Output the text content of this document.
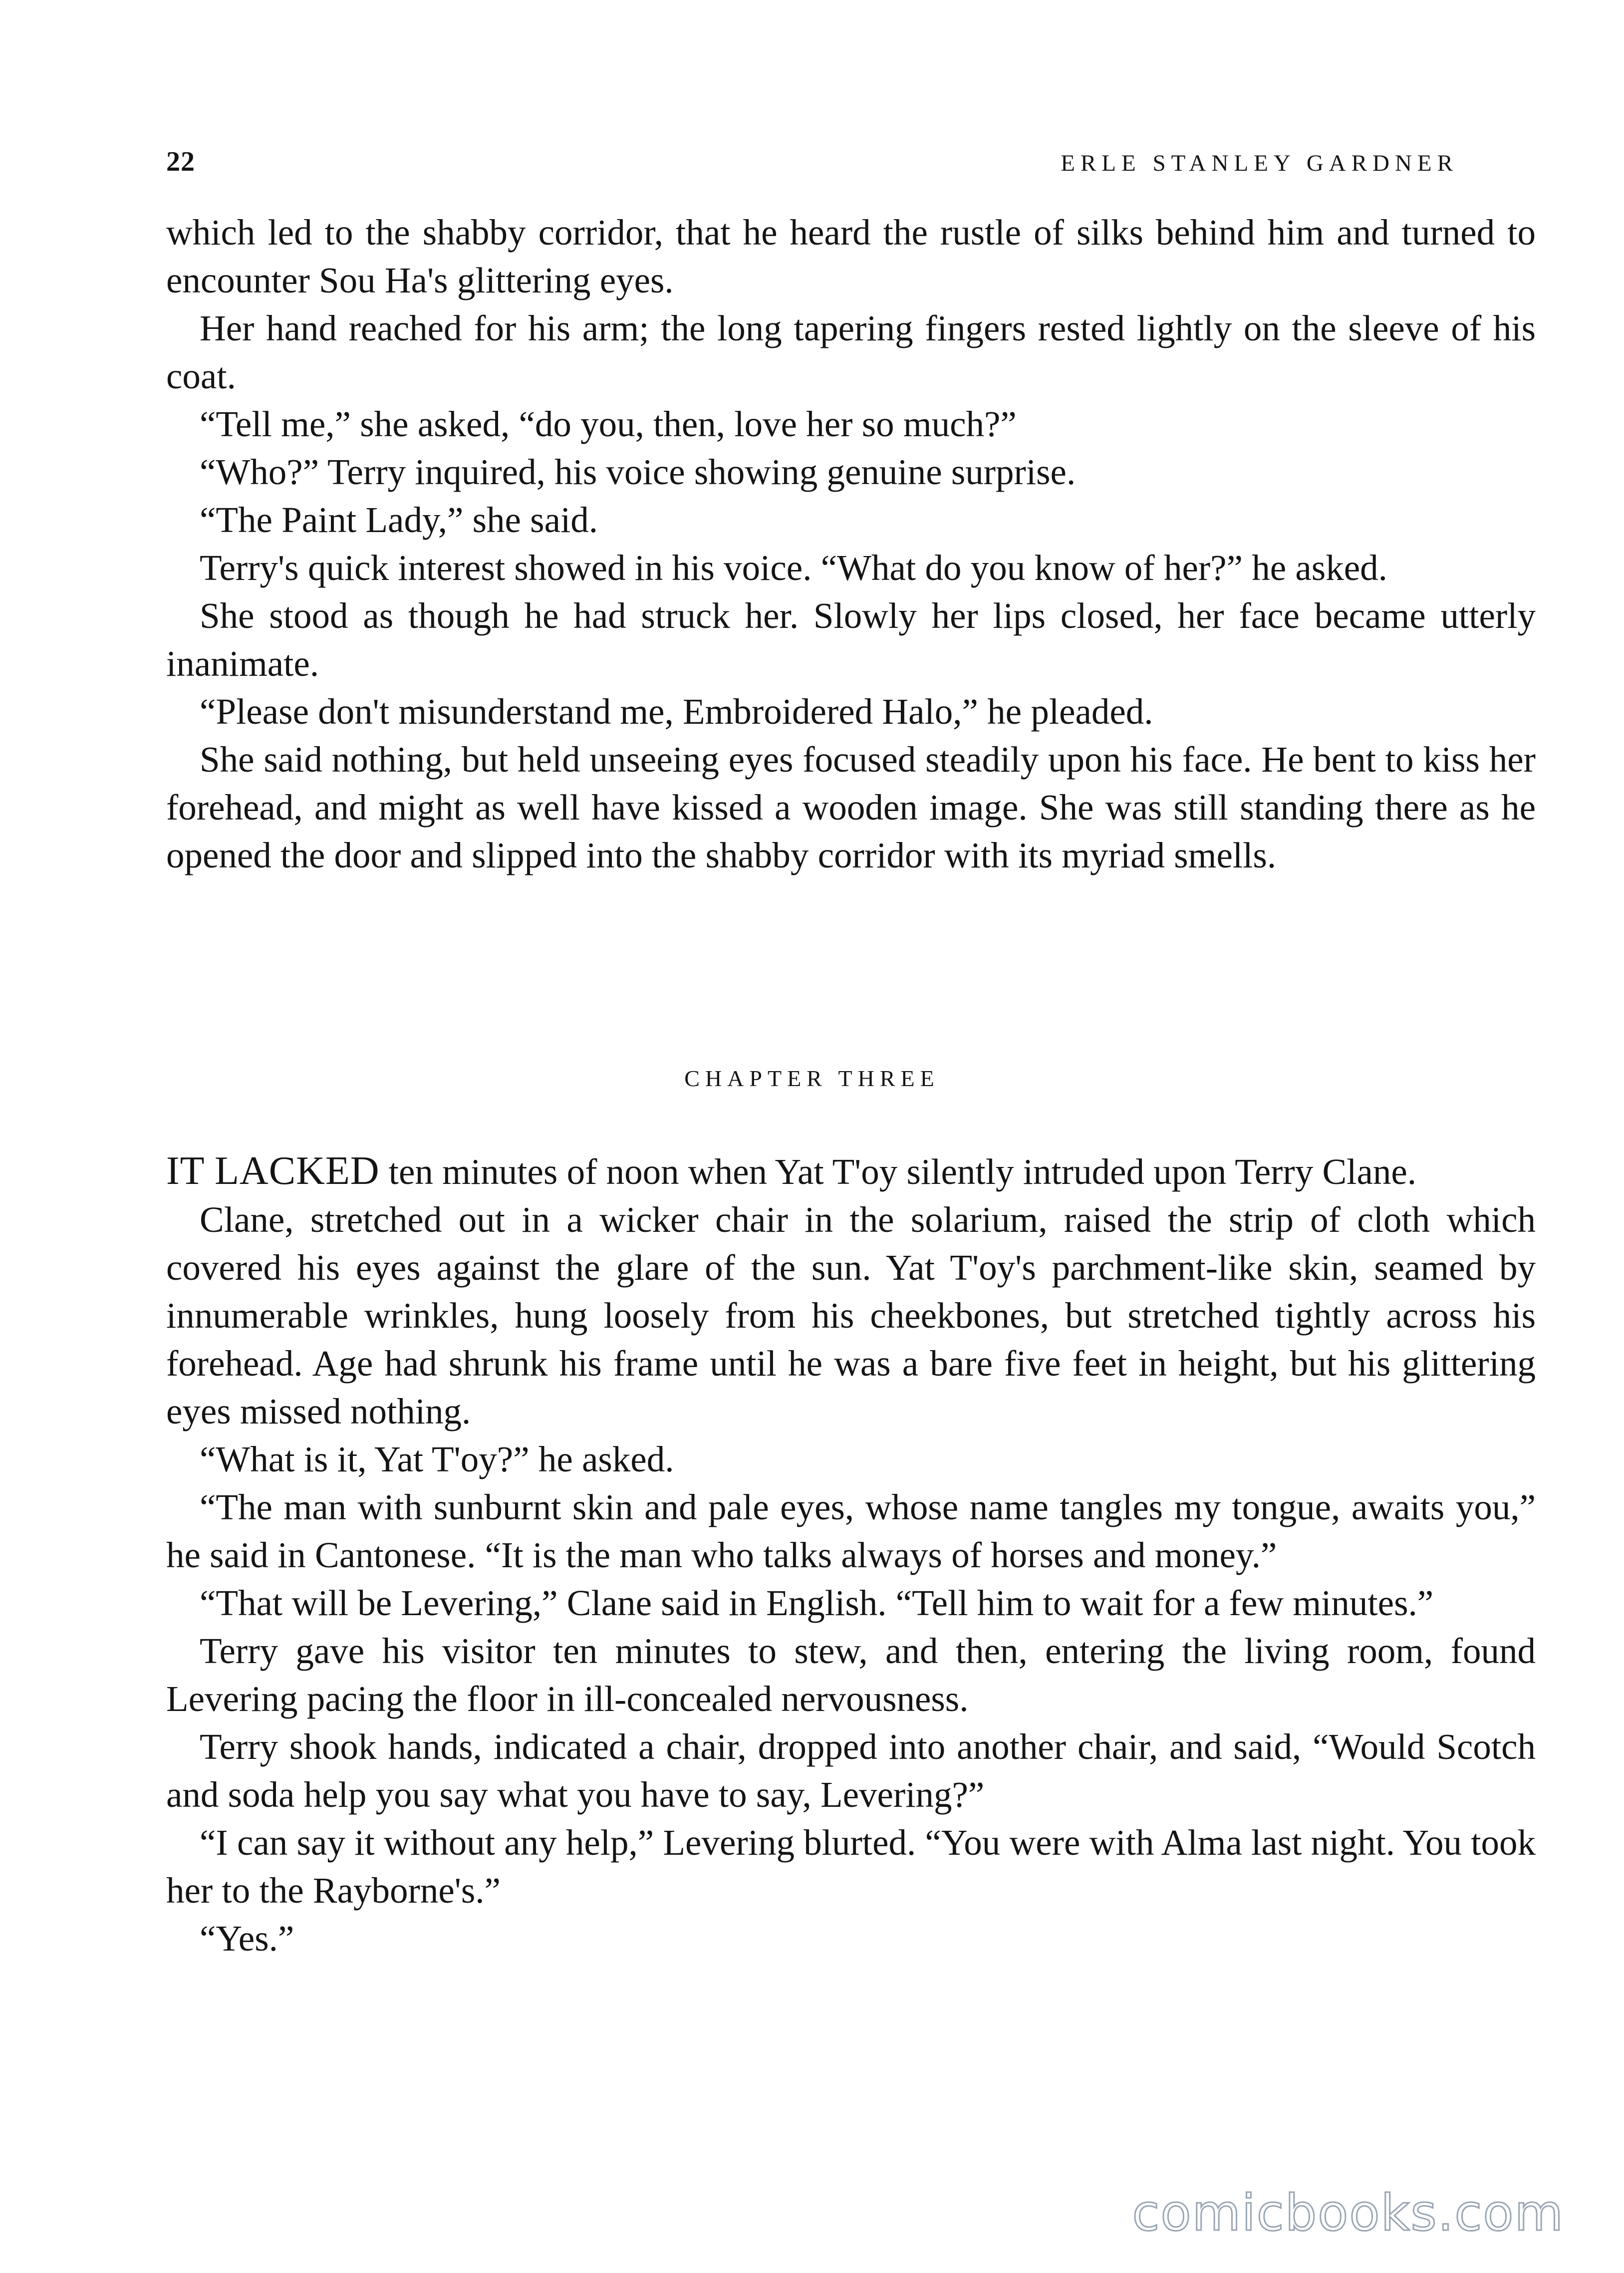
22	ERLE STANLEY GARDNER

which led to the shabby corridor, that he heard the rustle of silks behind him and turned to encounter Sou Ha's glittering eyes.

Her hand reached for his arm; the long tapering fingers rested lightly on the sleeve of his coat.

“Tell me,” she asked, “do you, then, love her so much?”

“Who?” Terry inquired, his voice showing genuine surprise.

“The Paint Lady,” she said.

Terry's quick interest showed in his voice. “What do you know of her?” he asked.

She stood as though he had struck her. Slowly her lips closed, her face became utterly inanimate.

“Please don't misunderstand me, Embroidered Halo,” he pleaded.

She said nothing, but held unseeing eyes focused steadily upon his face. He bent to kiss her forehead, and might as well have kissed a wooden image. She was still standing there as he opened the door and slipped into the shabby corridor with its myriad smells.

CHAPTER THREE

IT LACKED ten minutes of noon when Yat T'oy silently intruded upon Terry Clane.

Clane, stretched out in a wicker chair in the solarium, raised the strip of cloth which covered his eyes against the glare of the sun. Yat T'oy's parchment-like skin, seamed by innumerable wrinkles, hung loosely from his cheekbones, but stretched tightly across his forehead. Age had shrunk his frame until he was a bare five feet in height, but his glittering eyes missed nothing.

“What is it, Yat T'oy?” he asked.

“The man with sunburnt skin and pale eyes, whose name tangles my tongue, awaits you,” he said in Cantonese. “It is the man who talks always of horses and money.”

“That will be Levering,” Clane said in English. “Tell him to wait for a few minutes.”

Terry gave his visitor ten minutes to stew, and then, entering the living room, found Levering pacing the floor in ill-concealed nervousness.

Terry shook hands, indicated a chair, dropped into another chair, and said, “Would Scotch and soda help you say what you have to say, Levering?”

“I can say it without any help,” Levering blurted. “You were with Alma last night. You took her to the Rayborne's.”

“Yes.”

comicbooks.com
